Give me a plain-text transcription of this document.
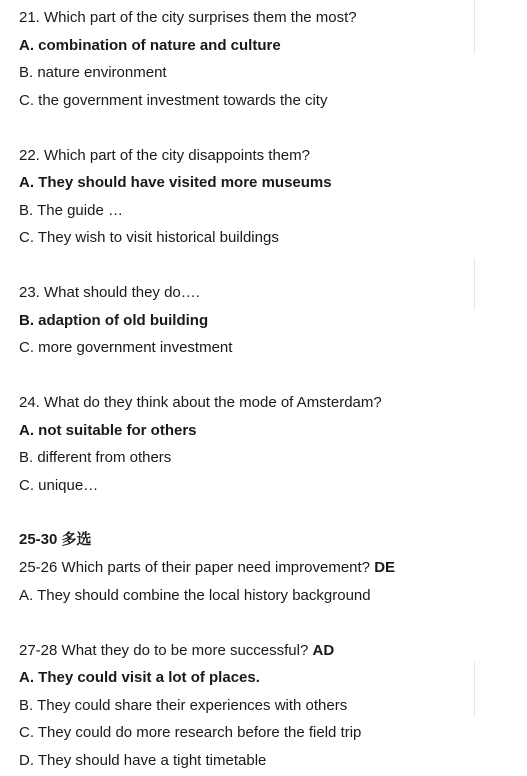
21. Which part of the city surprises them the most?
A. combination of nature and culture
B. nature environment
C. the government investment towards the city
22. Which part of the city disappoints them?
A. They should have visited more museums
B. The guide …
C. They wish to visit historical buildings
23. What should they do….
B. adaption of old building
C. more government investment
24. What do they think about the mode of Amsterdam?
A. not suitable for others
B. different from others
C. unique…
25-30 多选
25-26 Which parts of their paper need improvement? DE
A. They should combine the local history background
27-28 What they do to be more successful? AD
A. They could visit a lot of places.
B. They could share their experiences with others
C. They could do more research before the field trip
D. They should have a tight timetable
